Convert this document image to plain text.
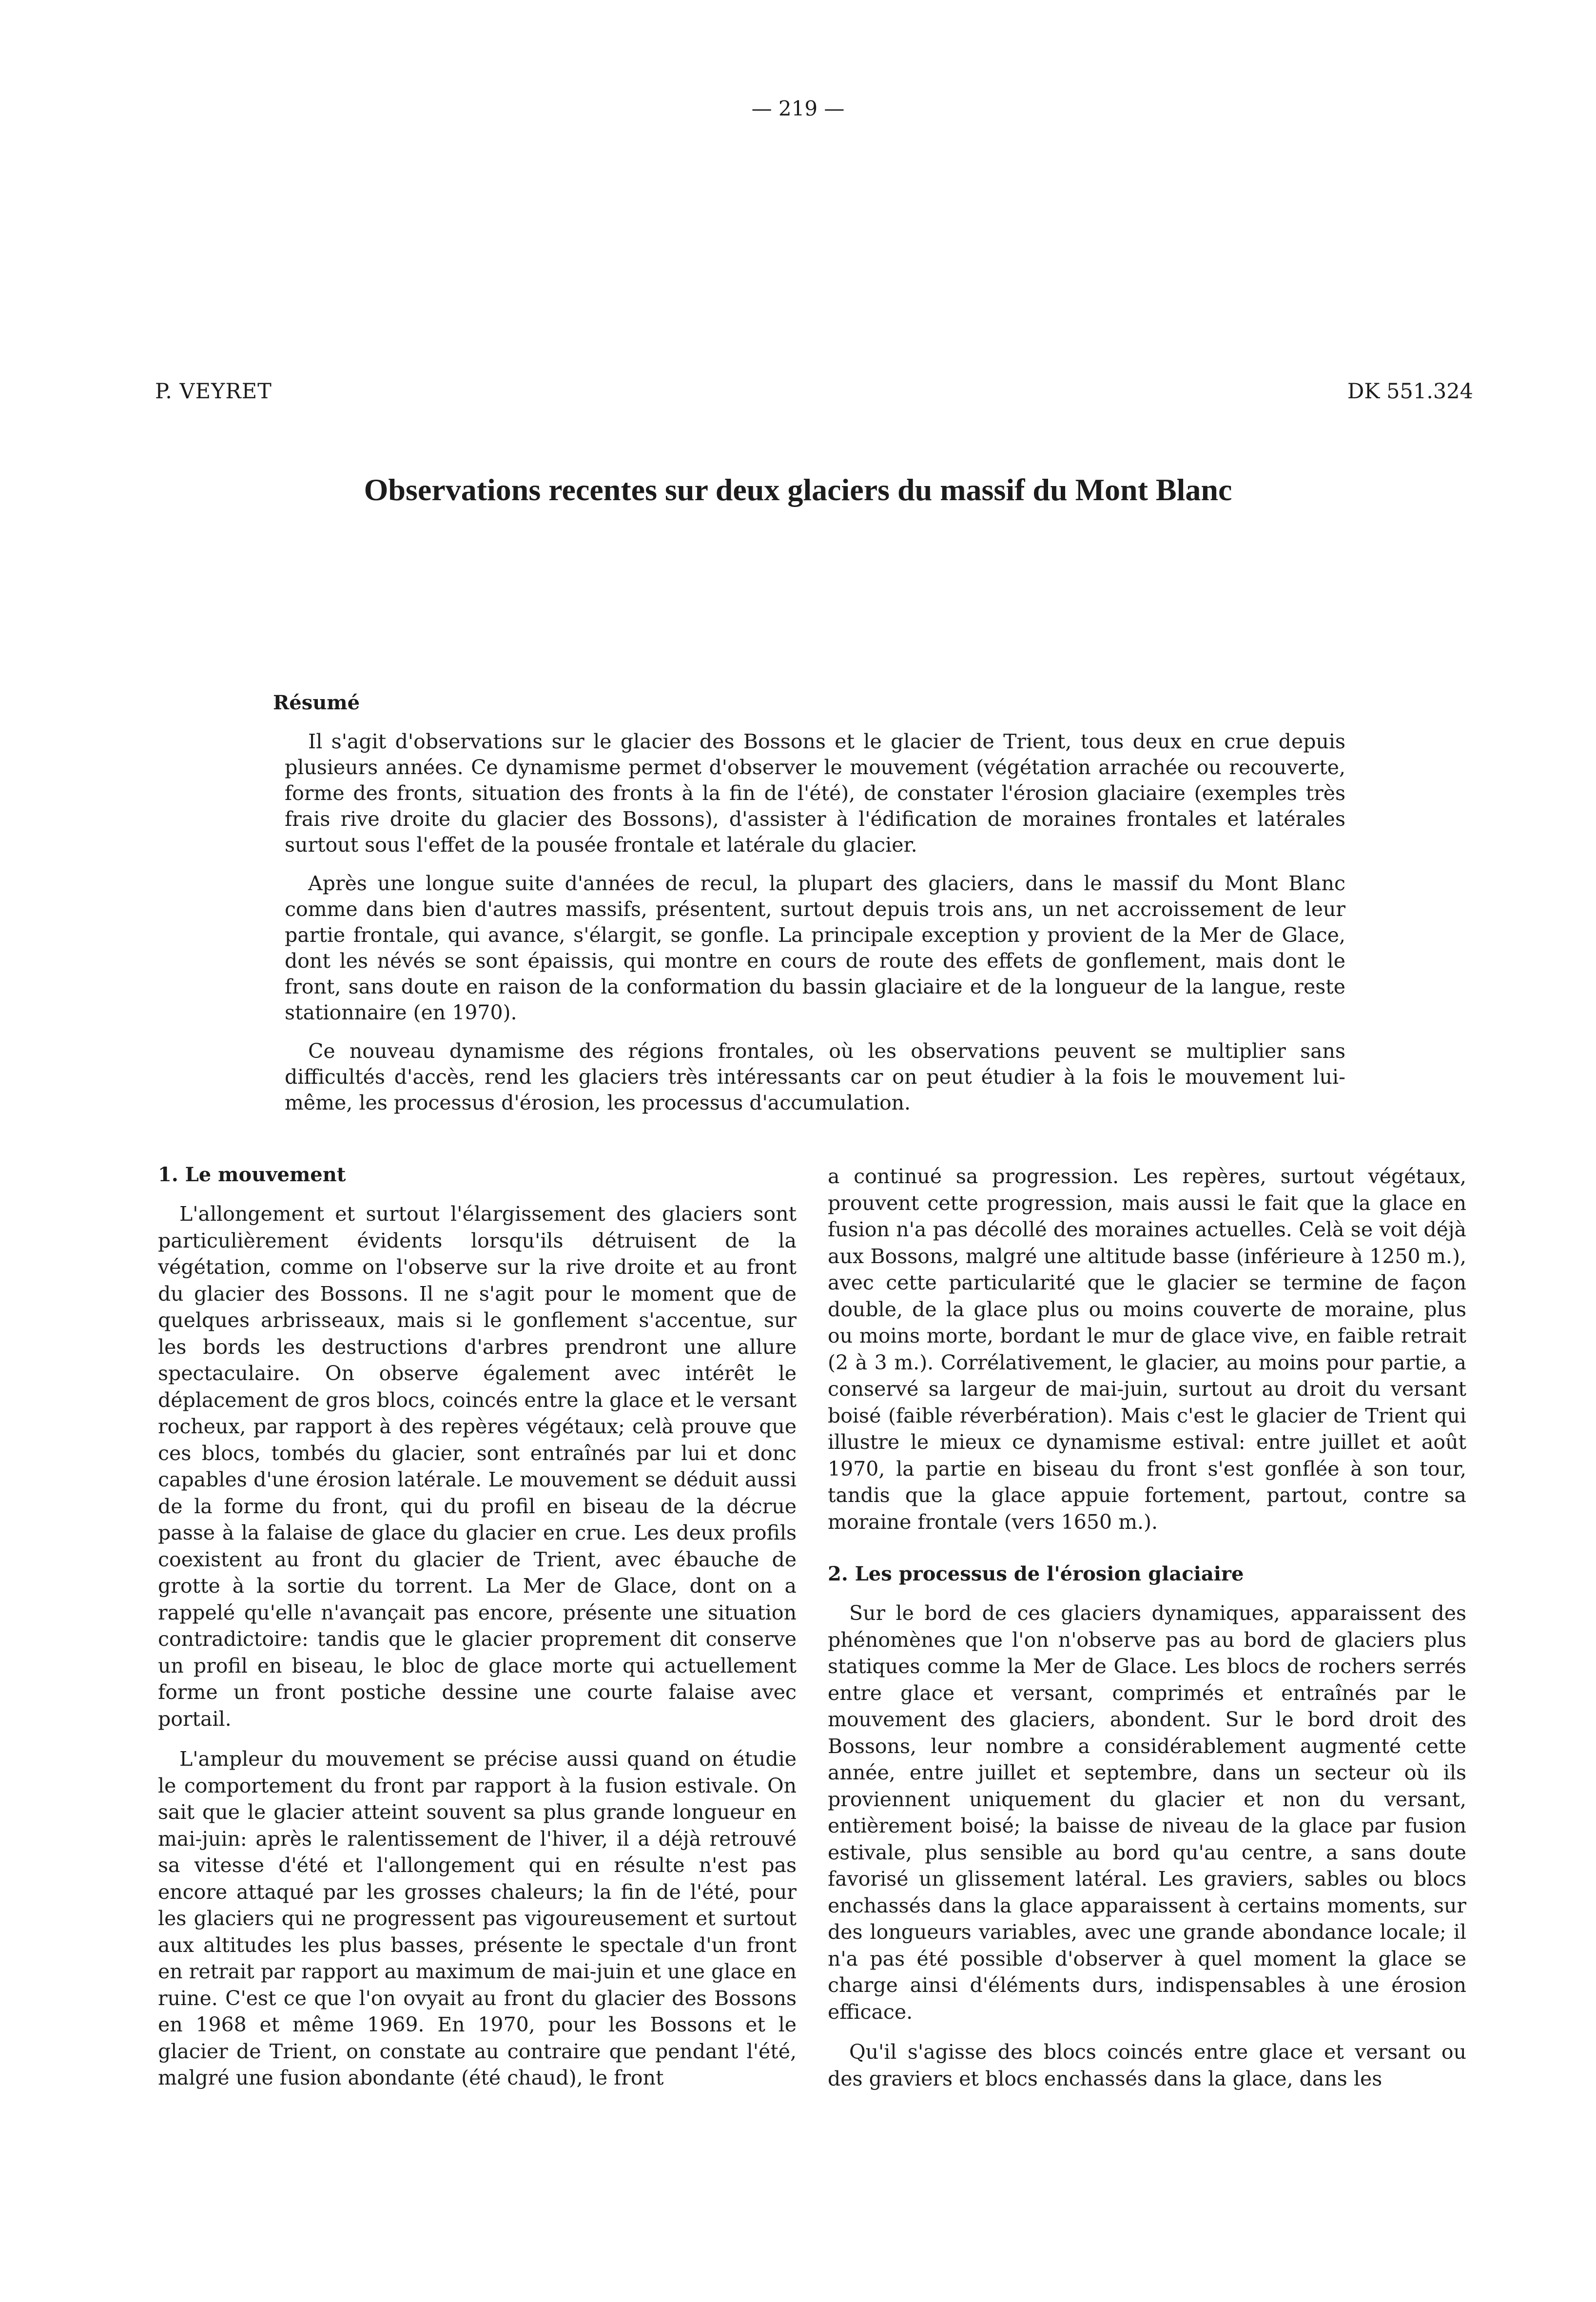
— 219 —
P. VEYRET	DK 551.324
Observations recentes sur deux glaciers du massif du Mont Blanc
Résumé

Il s'agit d'observations sur le glacier des Bossons et le glacier de Trient, tous deux en crue depuis plusieurs années. Ce dynamisme permet d'observer le mouvement (végétation arrachée ou recouverte, forme des fronts, situation des fronts à la fin de l'été), de constater l'érosion glaciaire (exemples très frais rive droite du glacier des Bossons), d'assister à l'édification de moraines frontales et latérales surtout sous l'effet de la pousée frontale et latérale du glacier.

Après une longue suite d'années de recul, la plupart des glaciers, dans le massif du Mont Blanc comme dans bien d'autres massifs, présentent, surtout depuis trois ans, un net accroissement de leur partie frontale, qui avance, s'élargit, se gonfle. La principale exception y provient de la Mer de Glace, dont les névés se sont épaissis, qui montre en cours de route des effets de gonflement, mais dont le front, sans doute en raison de la conformation du bassin glaciaire et de la longueur de la langue, reste stationnaire (en 1970).

Ce nouveau dynamisme des régions frontales, où les observations peuvent se multiplier sans difficultés d'accès, rend les glaciers très intéressants car on peut étudier à la fois le mouvement lui-même, les processus d'érosion, les processus d'accumulation.

1. Le mouvement

L'allongement et surtout l'élargissement des glaciers sont particulièrement évidents lorsqu'ils détruisent de la végétation, comme on l'observe sur la rive droite et au front du glacier des Bossons. Il ne s'agit pour le moment que de quelques arbrisseaux, mais si le gonflement s'accentue, sur les bords les destructions d'arbres prendront une allure spectaculaire. On observe également avec intérêt le déplacement de gros blocs, coincés entre la glace et le versant rocheux, par rapport à des repères végétaux; celà prouve que ces blocs, tombés du glacier, sont entraînés par lui et donc capables d'une érosion latérale. Le mouvement se déduit aussi de la forme du front, qui du profil en biseau de la décrue passe à la falaise de glace du glacier en crue. Les deux profils coexistent au front du glacier de Trient, avec ébauche de grotte à la sortie du torrent. La Mer de Glace, dont on a rappelé qu'elle n'avançait pas encore, présente une situation contradictoire: tandis que le glacier proprement dit conserve un profil en biseau, le bloc de glace morte qui actuellement forme un front postiche dessine une courte falaise avec portail.

L'ampleur du mouvement se précise aussi quand on étudie le comportement du front par rapport à la fusion estivale. On sait que le glacier atteint souvent sa plus grande longueur en mai-juin: après le ralentissement de l'hiver, il a déjà retrouvé sa vitesse d'été et l'allongement qui en résulte n'est pas encore attaqué par les grosses chaleurs; la fin de l'été, pour les glaciers qui ne progressent pas vigoureusement et surtout aux altitudes les plus basses, présente le spectale d'un front en retrait par rapport au maximum de mai-juin et une glace en ruine. C'est ce que l'on ovyait au front du glacier des Bossons en 1968 et même 1969. En 1970, pour les Bossons et le glacier de Trient, on constate au contraire que pendant l'été, malgré une fusion abondante (été chaud), le front

a continué sa progression. Les repères, surtout végétaux, prouvent cette progression, mais aussi le fait que la glace en fusion n'a pas décollé des moraines actuelles. Celà se voit déjà aux Bossons, malgré une altitude basse (inférieure à 1250 m.), avec cette particularité que le glacier se termine de façon double, de la glace plus ou moins couverte de moraine, plus ou moins morte, bordant le mur de glace vive, en faible retrait (2 à 3 m.). Corrélativement, le glacier, au moins pour partie, a conservé sa largeur de mai-juin, surtout au droit du versant boisé (faible réverbération). Mais c'est le glacier de Trient qui illustre le mieux ce dynamisme estival: entre juillet et août 1970, la partie en biseau du front s'est gonflée à son tour, tandis que la glace appuie fortement, partout, contre sa moraine frontale (vers 1650 m.).

2. Les processus de l'érosion glaciaire

Sur le bord de ces glaciers dynamiques, apparaissent des phénomènes que l'on n'observe pas au bord de glaciers plus statiques comme la Mer de Glace. Les blocs de rochers serrés entre glace et versant, comprimés et entraînés par le mouvement des glaciers, abondent. Sur le bord droit des Bossons, leur nombre a considérablement augmenté cette année, entre juillet et septembre, dans un secteur où ils proviennent uniquement du glacier et non du versant, entièrement boisé; la baisse de niveau de la glace par fusion estivale, plus sensible au bord qu'au centre, a sans doute favorisé un glissement latéral. Les graviers, sables ou blocs enchassés dans la glace apparaissent à certains moments, sur des longueurs variables, avec une grande abondance locale; il n'a pas été possible d'observer à quel moment la glace se charge ainsi d'éléments durs, indispensables à une érosion efficace.

Qu'il s'agisse des blocs coincés entre glace et versant ou des graviers et blocs enchassés dans la glace, dans les
